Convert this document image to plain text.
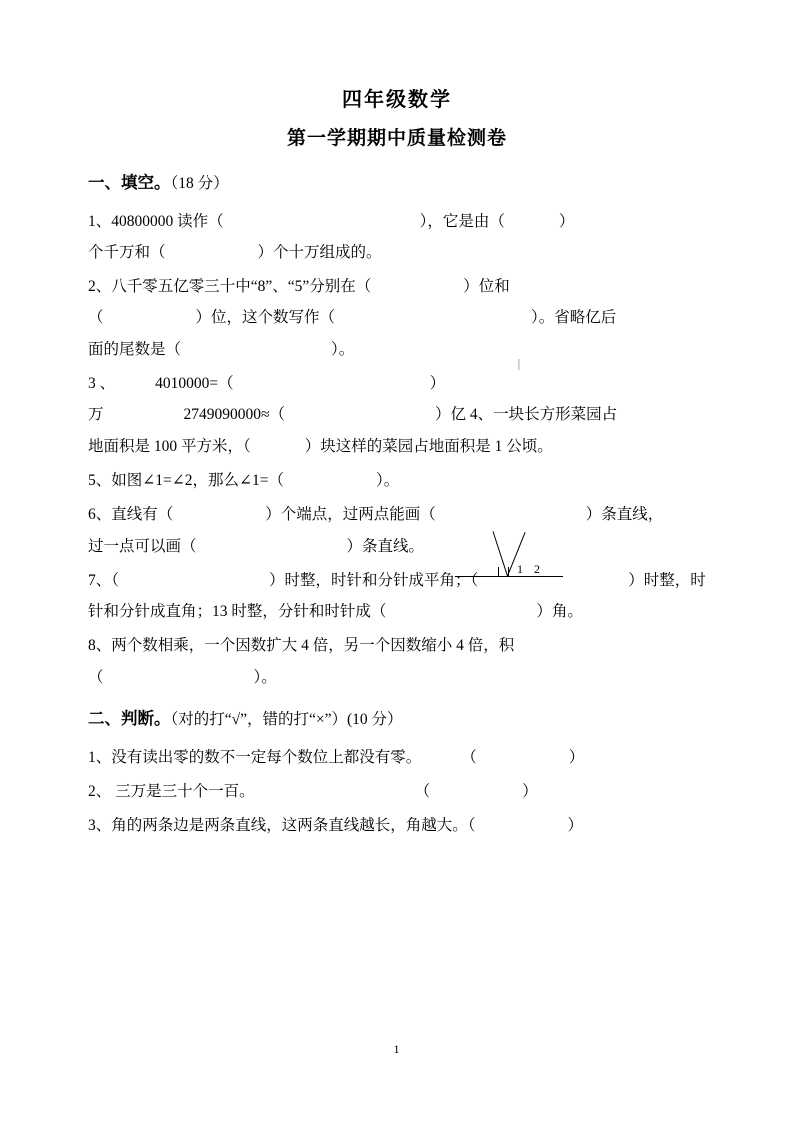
四年级数学
第一学期期中质量检测卷
一、填空。（18 分）

1、40800000 读作（	），它是由（	）
个千万和（	）个十万组成的。

2、八千零五亿零三十中“8”、“5”分别在（	）位和
（	）位，这个数写作（	）。省略亿后
面的尾数是（	）。

3 、	4010000=（	）
万	2749090000≈（	）亿 4、一块长方形菜园占
地面积是 100 平方米，（	）块这样的菜园占地面积是 1 公顷。

5、如图∠1=∠2，那么∠1=（	）。

6、直线有（	）个端点，过两点能画（	）条直线，
过一点可以画（	）条直线。

7、（	）时整，时针和分针成平角；（	）时整，时
针和分针成直角；13 时整，分针和时针成（	）角。

8、两个数相乘，一个因数扩大 4 倍，另一个因数缩小 4 倍，积
（	）。

二、判断。（对的打“√”，错的打“×”）(10 分）

1、没有读出零的数不一定每个数位上都没有零。	（	）

2、 三万是三十个一百。	（	）

3、角的两条边是两条直线，这两条直线越长，角越大。（	）

丨
1 2
1
